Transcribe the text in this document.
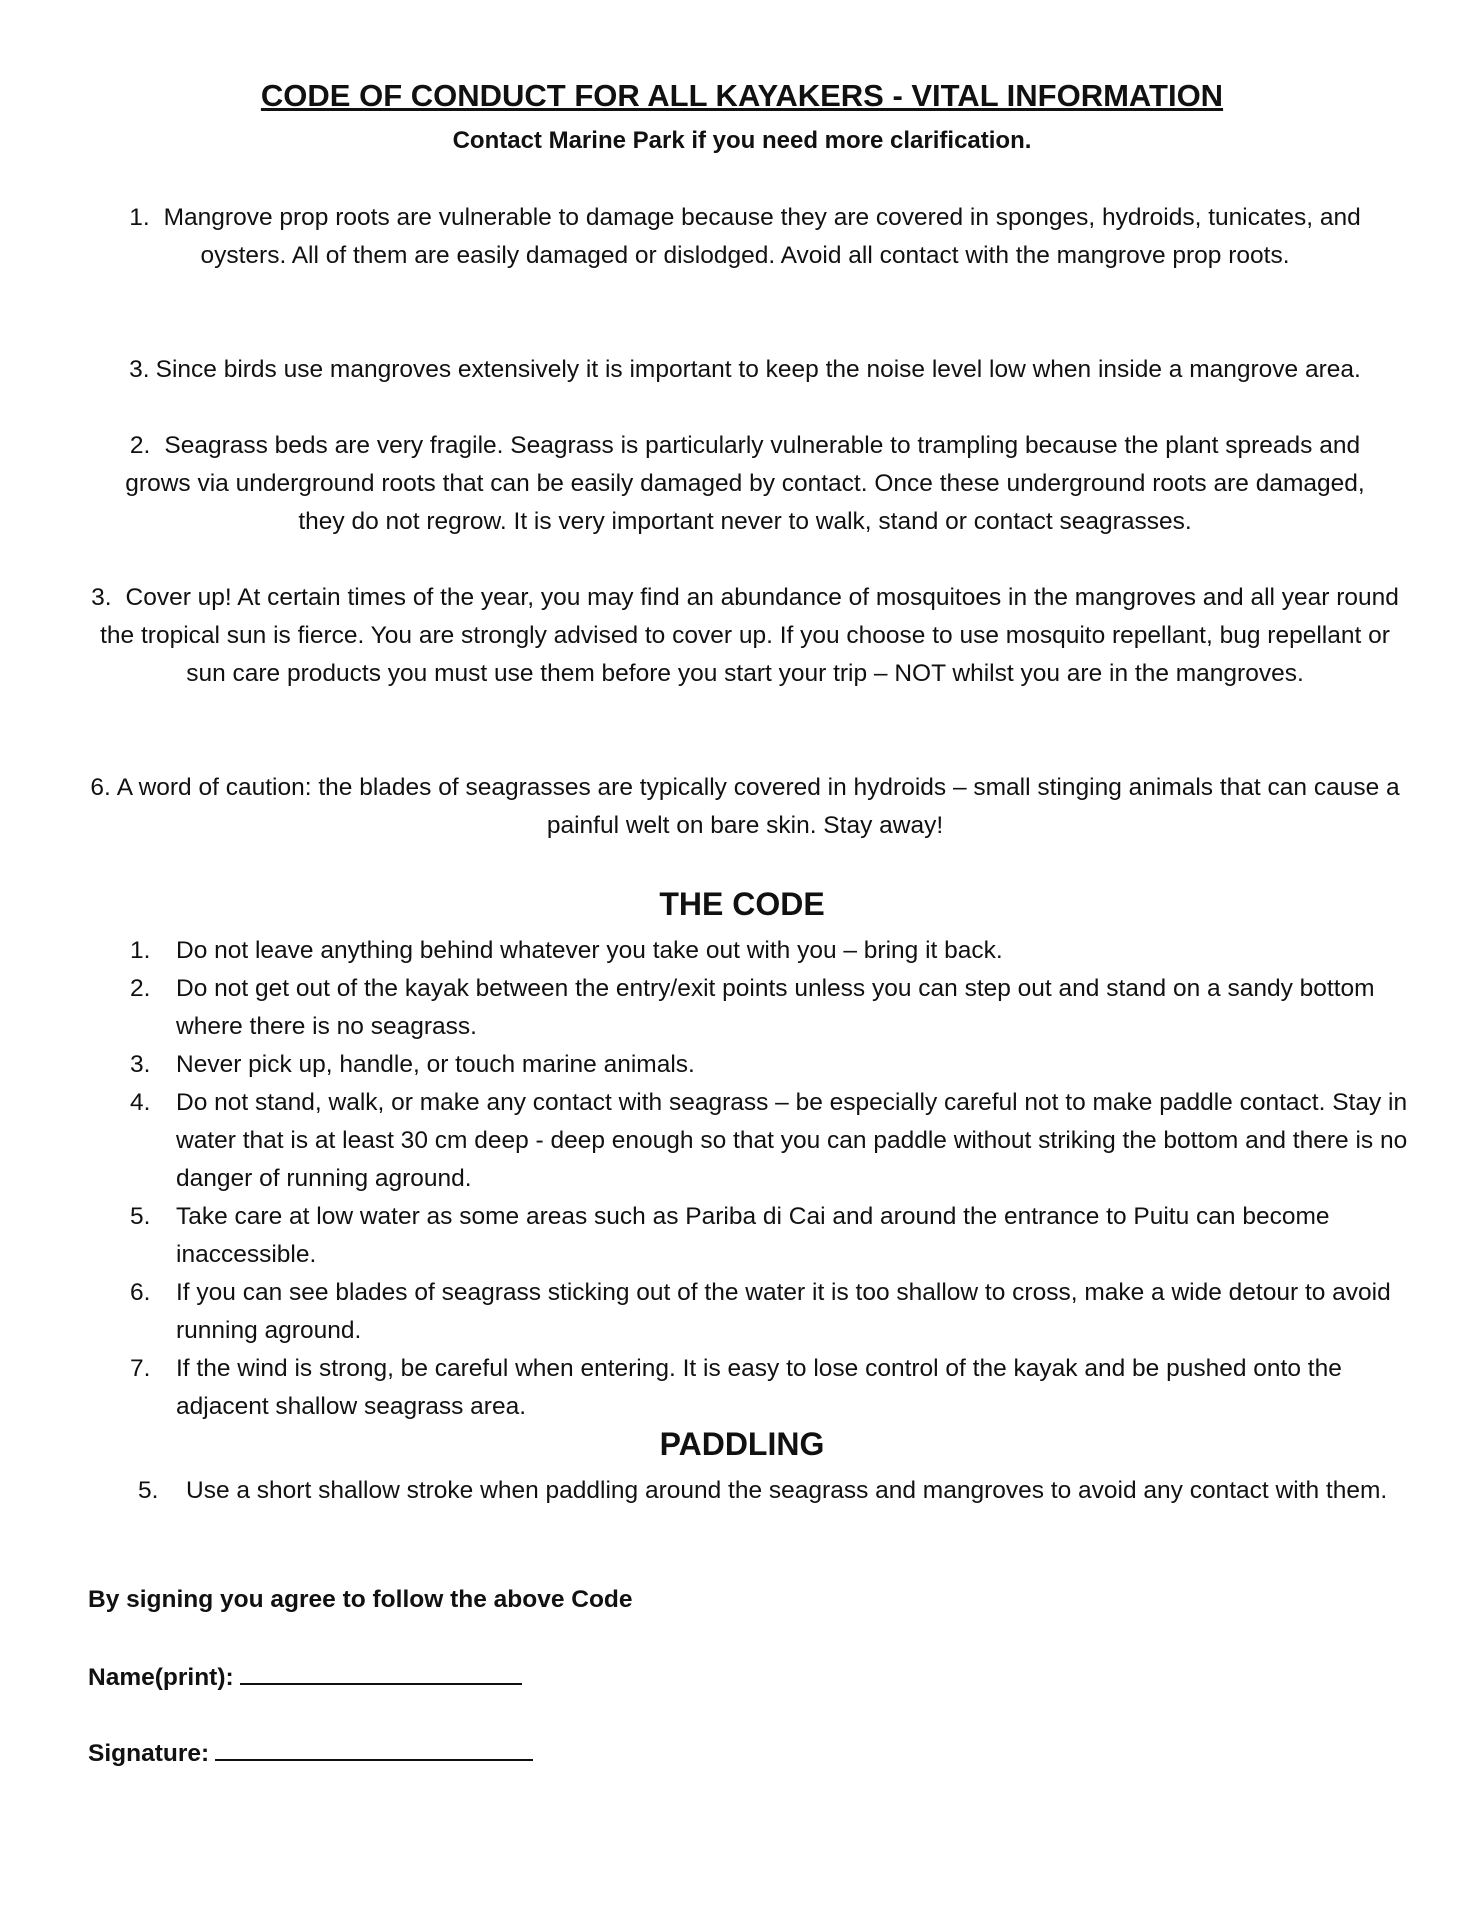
CODE OF CONDUCT FOR ALL KAYAKERS - VITAL INFORMATION
Contact Marine Park if you need more clarification.
1. Mangrove prop roots are vulnerable to damage because they are covered in sponges, hydroids, tunicates, and oysters. All of them are easily damaged or dislodged. Avoid all contact with the mangrove prop roots.
3. Since birds use mangroves extensively it is important to keep the noise level low when inside a mangrove area.
2. Seagrass beds are very fragile. Seagrass is particularly vulnerable to trampling because the plant spreads and grows via underground roots that can be easily damaged by contact. Once these underground roots are damaged, they do not regrow. It is very important never to walk, stand or contact seagrasses.
3. Cover up! At certain times of the year, you may find an abundance of mosquitoes in the mangroves and all year round the tropical sun is fierce. You are strongly advised to cover up. If you choose to use mosquito repellant, bug repellant or sun care products you must use them before you start your trip – NOT whilst you are in the mangroves.
6. A word of caution: the blades of seagrasses are typically covered in hydroids – small stinging animals that can cause a painful welt on bare skin. Stay away!
THE CODE
1. Do not leave anything behind whatever you take out with you – bring it back.
2. Do not get out of the kayak between the entry/exit points unless you can step out and stand on a sandy bottom where there is no seagrass.
3. Never pick up, handle, or touch marine animals.
4. Do not stand, walk, or make any contact with seagrass – be especially careful not to make paddle contact. Stay in water that is at least 30 cm deep - deep enough so that you can paddle without striking the bottom and there is no danger of running aground.
5. Take care at low water as some areas such as Pariba di Cai and around the entrance to Puitu can become inaccessible.
6. If you can see blades of seagrass sticking out of the water it is too shallow to cross, make a wide detour to avoid running aground.
7. If the wind is strong, be careful when entering. It is easy to lose control of the kayak and be pushed onto the adjacent shallow seagrass area.
PADDLING
5. Use a short shallow stroke when paddling around the seagrass and mangroves to avoid any contact with them.
By signing you agree to follow the above Code
Name(print):
Signature:
